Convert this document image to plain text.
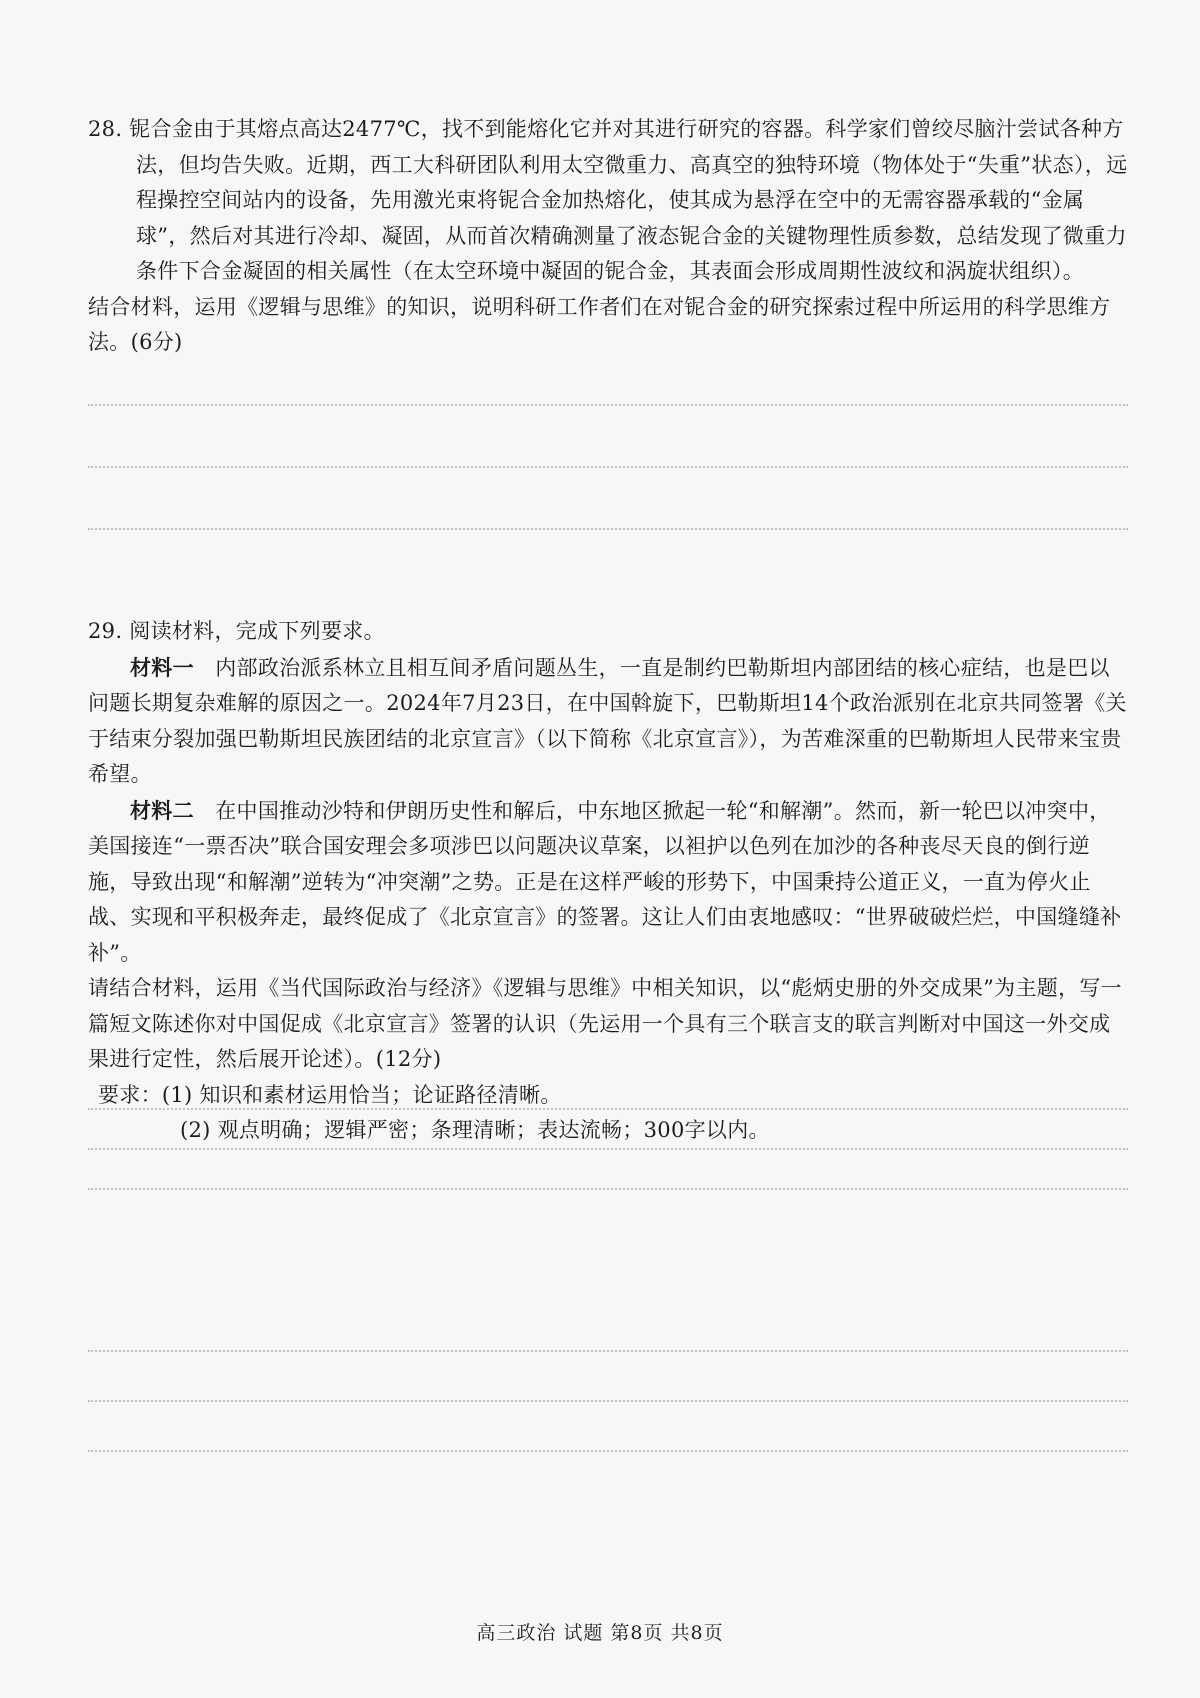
28. 铌合金由于其熔点高达2477℃，找不到能熔化它并对其进行研究的容器。科学家们曾绞尽脑汁尝试各种方法，但均告失败。近期，西工大科研团队利用太空微重力、高真空的独特环境（物体处于“失重”状态），远程操控空间站内的设备，先用激光束将铌合金加热熔化，使其成为悬浮在空中的无需容器承载的“金属球”，然后对其进行冷却、凝固，从而首次精确测量了液态铌合金的关键物理性质参数，总结发现了微重力条件下合金凝固的相关属性（在太空环境中凝固的铌合金，其表面会形成周期性波纹和涡旋状组织）。

结合材料，运用《逻辑与思维》的知识，说明科研工作者们在对铌合金的研究探索过程中所运用的科学思维方法。(6分)

29. 阅读材料，完成下列要求。

材料一　 内部政治派系林立且相互间矛盾问题丛生，一直是制约巴勒斯坦内部团结的核心症结，也是巴以问题长期复杂难解的原因之一。2024年7月23日，在中国斡旋下，巴勒斯坦14个政治派别在北京共同签署《关于结束分裂加强巴勒斯坦民族团结的北京宣言》（以下简称《北京宣言》），为苦难深重的巴勒斯坦人民带来宝贵希望。

材料二　 在中国推动沙特和伊朗历史性和解后，中东地区掀起一轮“和解潮”。然而，新一轮巴以冲突中，美国接连“一票否决”联合国安理会多项涉巴以问题决议草案，以袒护以色列在加沙的各种丧尽天良的倒行逆施，导致出现“和解潮”逆转为“冲突潮”之势。正是在这样严峻的形势下，中国秉持公道正义，一直为停火止战、实现和平积极奔走，最终促成了《北京宣言》的签署。这让人们由衷地感叹：“世界破破烂烂，中国缝缝补补”。

请结合材料，运用《当代国际政治与经济》《逻辑与思维》中相关知识，以“彪炳史册的外交成果”为主题，写一篇短文陈述你对中国促成《北京宣言》签署的认识（先运用一个具有三个联言支的联言判断对中国这一外交成果进行定性，然后展开论述）。(12分)

要求：(1) 知识和素材运用恰当；论证路径清晰。

(2) 观点明确；逻辑严密；条理清晰；表达流畅；300字以内。

高三政治 试题 第8页 共8页
